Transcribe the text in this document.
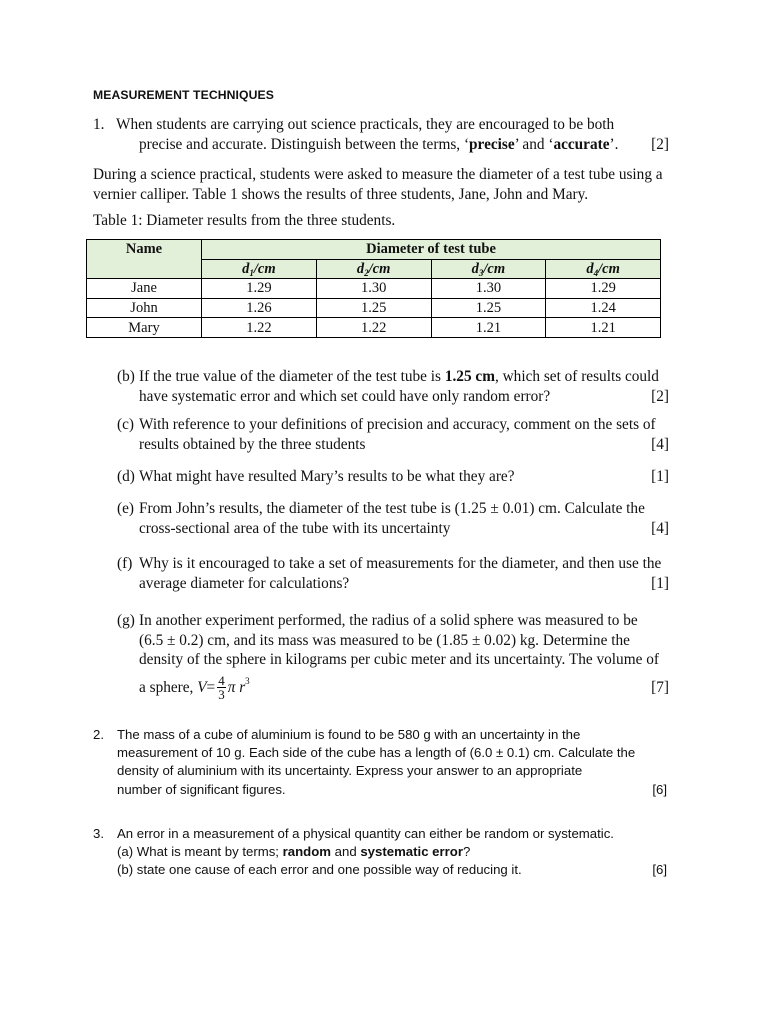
MEASUREMENT TECHNIQUES
1. When students are carrying out science practicals, they are encouraged to be both
precise and accurate. Distinguish between the terms, ‘precise’ and ‘accurate’. [2]
During a science practical, students were asked to measure the diameter of a test tube using a
vernier calliper. Table 1 shows the results of three students, Jane, John and Mary.
Table 1: Diameter results from the three students.
Name	Diameter of test tube			
	$d_1/cm$	$d_2/cm$	$d_3/cm$	$d_4/cm$
Jane	1.29	1.30	1.30	1.29
John	1.26	1.25	1.25	1.24
Mary	1.22	1.22	1.21	1.21
(b) If the true value of the diameter of the test tube is 1.25 cm, which set of results could
have systematic error and which set could have only random error?	[2]
(c) With reference to your definitions of precision and accuracy, comment on the sets of
results obtained by the three students	[4]
(d) What might have resulted Mary’s results to be what they are?	[1]
(e) From John’s results, the diameter of the test tube is (1.25 ± 0.01) cm. Calculate the
cross-sectional area of the tube with its uncertainty	[4]
(f) Why is it encouraged to take a set of measurements for the diameter, and then use the
average diameter for calculations?	[1]
(g) In another experiment performed, the radius of a solid sphere was measured to be
(6.5 ± 0.2) cm, and its mass was measured to be (1.85 ± 0.02) kg. Determine the
density of the sphere in kilograms per cubic meter and its uncertainty. The volume of
a sphere, $V= \frac{4}{3}$ π $r^3$	[7]
2. The mass of a cube of aluminium is found to be 580 g with an uncertainty in the
measurement of 10 g. Each side of the cube has a length of (6.0 ± 0.1) cm. Calculate the
density of aluminium with its uncertainty. Express your answer to an appropriate
number of significant figures.	[6]
3. An error in a measurement of a physical quantity can either be random or systematic.
(a) What is meant by terms; random and systematic error?
(b) state one cause of each error and one possible way of reducing it.	[6]
